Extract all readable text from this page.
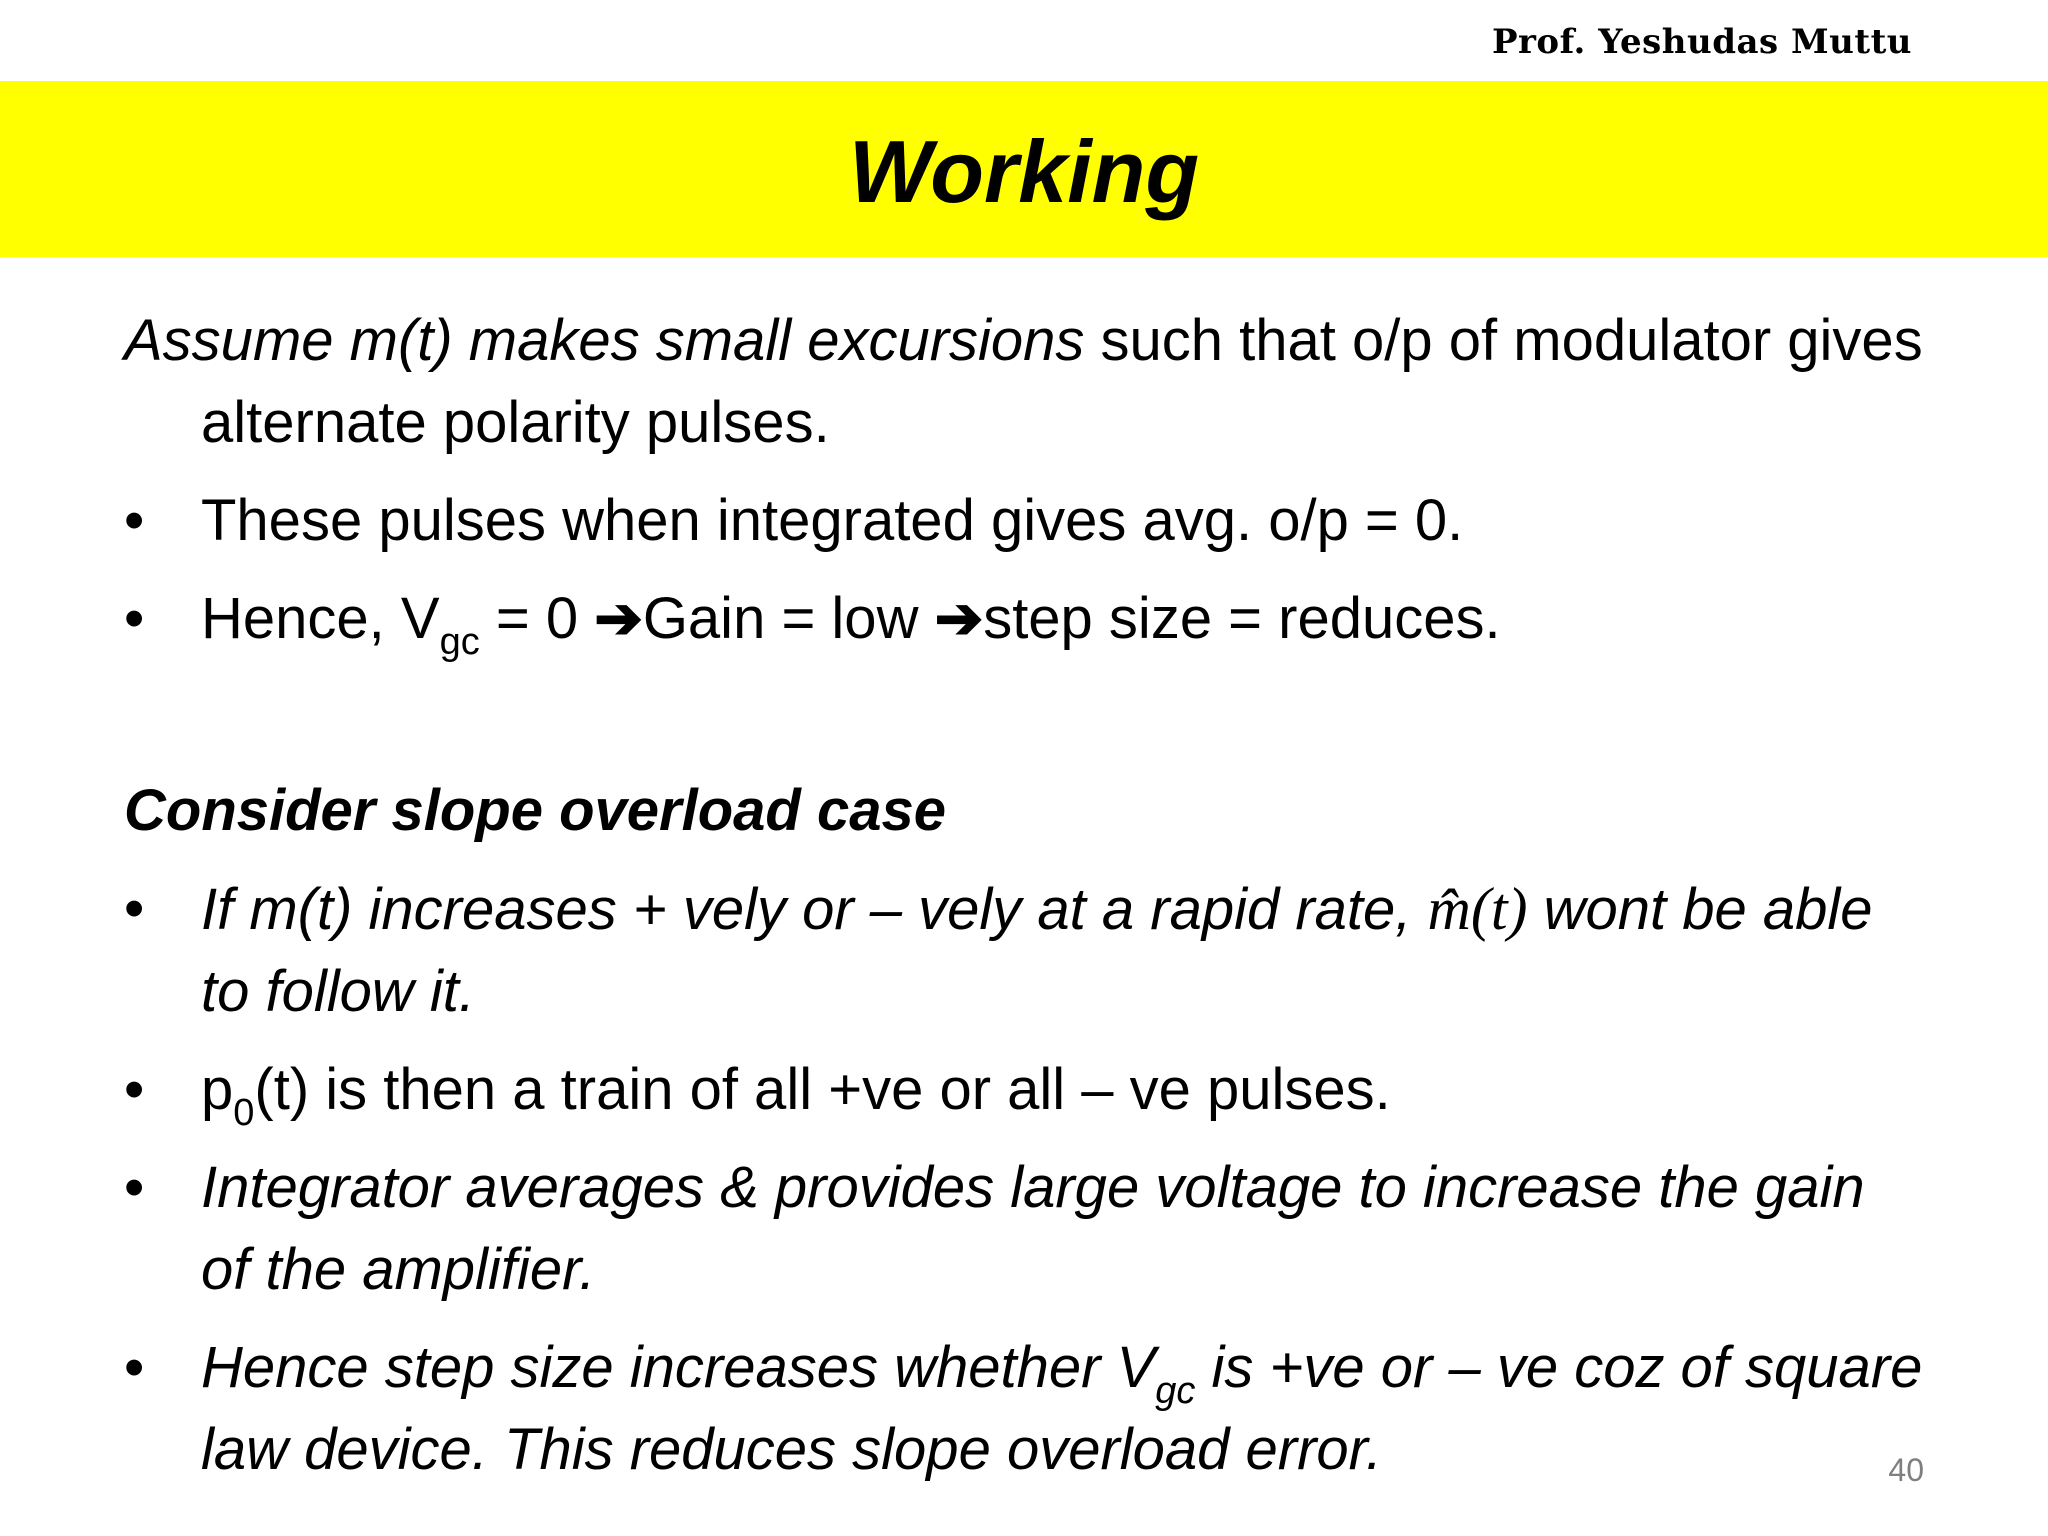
Prof. Yeshudas Muttu
Working
Assume m(t) makes small excursions such that o/p of modulator gives alternate polarity pulses.
• These pulses when integrated gives avg. o/p = 0.
• Hence, $V_{gc} = 0$ ➔Gain = low ➔step size = reduces.
Consider slope overload case
• If m(t) increases + vely or – vely at a rapid rate, m̂(t) wont be able to follow it.
• $p_0(t)$ is then a train of all +ve or all – ve pulses.
• Integrator averages & provides large voltage to increase the gain of the amplifier.
• Hence step size increases whether $V_{gc}$ is +ve or – ve coz of square law device. This reduces slope overload error.	40
